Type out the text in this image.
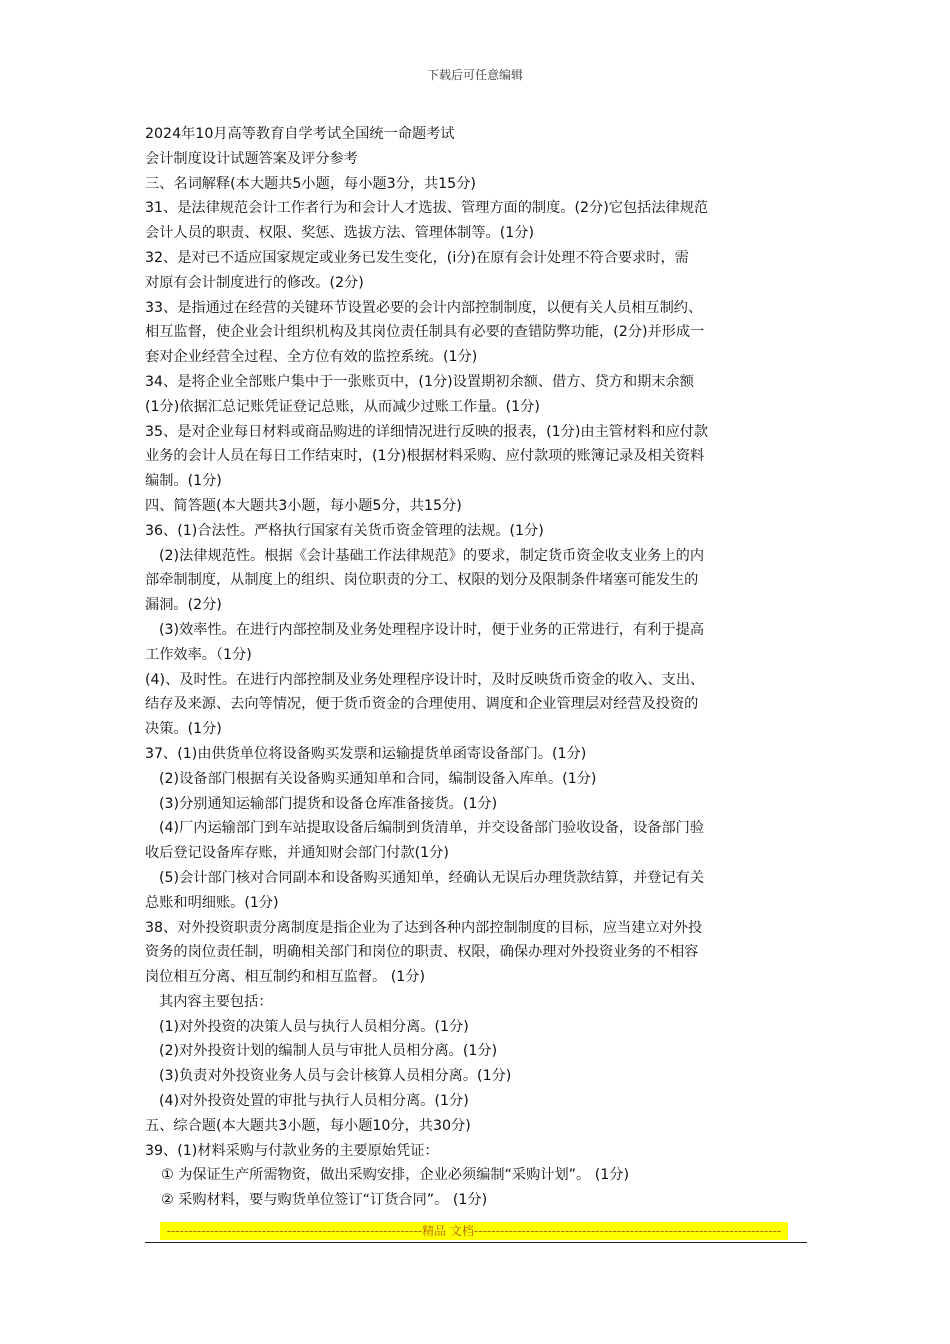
下载后可任意编辑
2024年10月高等教育自学考试全国统一命题考试
会计制度设计试题答案及评分参考
三、名词解释(本大题共5小题，每小题3分，共15分)
31、是法律规范会计工作者行为和会计人才选拔、管理方面的制度。(2分)它包括法律规范
会计人员的职责、权限、奖惩、选拔方法、管理体制等。(1分)
32、是对已不适应国家规定或业务已发生变化，(i分)在原有会计处理不符合要求时，需
对原有会计制度进行的修改。(2分)
33、是指通过在经营的关键环节设置必要的会计内部控制制度，以便有关人员相互制约、
相互监督，使企业会计组织机构及其岗位责任制具有必要的查错防弊功能，(2分)并形成一
套对企业经营全过程、全方位有效的监控系统。(1分)
34、是将企业全部账户集中于一张账页中，(1分)设置期初余额、借方、贷方和期末余额
(1分)依据汇总记账凭证登记总账，从而减少过账工作量。(1分)
35、是对企业每日材料或商品购进的详细情况进行反映的报表，(1分)由主管材料和应付款
业务的会计人员在每日工作结束时，(1分)根据材料采购、应付款项的账簿记录及相关资料
编制。(1分)
四、简答题(本大题共3小题，每小题5分，共15分)
36、(1)合法性。严格执行国家有关货币资金管理的法规。(1分)
(2)法律规范性。根据《会计基础工作法律规范》的要求，制定货币资金收支业务上的内
部牵制制度，从制度上的组织、岗位职责的分工、权限的划分及限制条件堵塞可能发生的
漏洞。(2分)
(3)效率性。在进行内部控制及业务处理程序设计时，便于业务的正常进行，有利于提高
工作效率。（1分)
(4)、及时性。在进行内部控制及业务处理程序设计时，及时反映货币资金的收入、支出、
结存及来源、去向等情况，便于货币资金的合理使用、调度和企业管理层对经营及投资的
决策。(1分)
37、(1)由供货单位将设备购买发票和运输提货单函寄设备部门。(1分)
(2)设备部门根据有关设备购买通知单和合同，编制设备入库单。(1分)
(3)分别通知运输部门提货和设备仓库准备接货。(1分)
(4)厂内运输部门到车站提取设备后编制到货清单，并交设备部门验收设备，设备部门验
收后登记设备库存账，并通知财会部门付款(1分)
(5)会计部门核对合同副本和设备购买通知单，经确认无误后办理货款结算，并登记有关
总账和明细账。(1分)
38、对外投资职责分离制度是指企业为了达到各种内部控制制度的目标，应当建立对外投
资务的岗位责任制，明确相关部门和岗位的职责、权限，确保办理对外投资业务的不相容
岗位相互分离、相互制约和相互监督。 (1分)
其内容主要包括：
(1)对外投资的决策人员与执行人员相分离。(1分)
(2)对外投资计划的编制人员与审批人员相分离。(1分)
(3)负责对外投资业务人员与会计核算人员相分离。(1分)
(4)对外投资处置的审批与执行人员相分离。(1分)
五、综合题(本大题共3小题，每小题10分，共30分)
39、(1)材料采购与付款业务的主要原始凭证：
① 为保证生产所需物资，做出采购安排，企业必须编制“采购计划”。 (1分)
② 采购材料，要与购货单位签订“订货合同”。 (1分)
-----------------------------------------------------------精品 文档-----------------------------------------------------------------------
